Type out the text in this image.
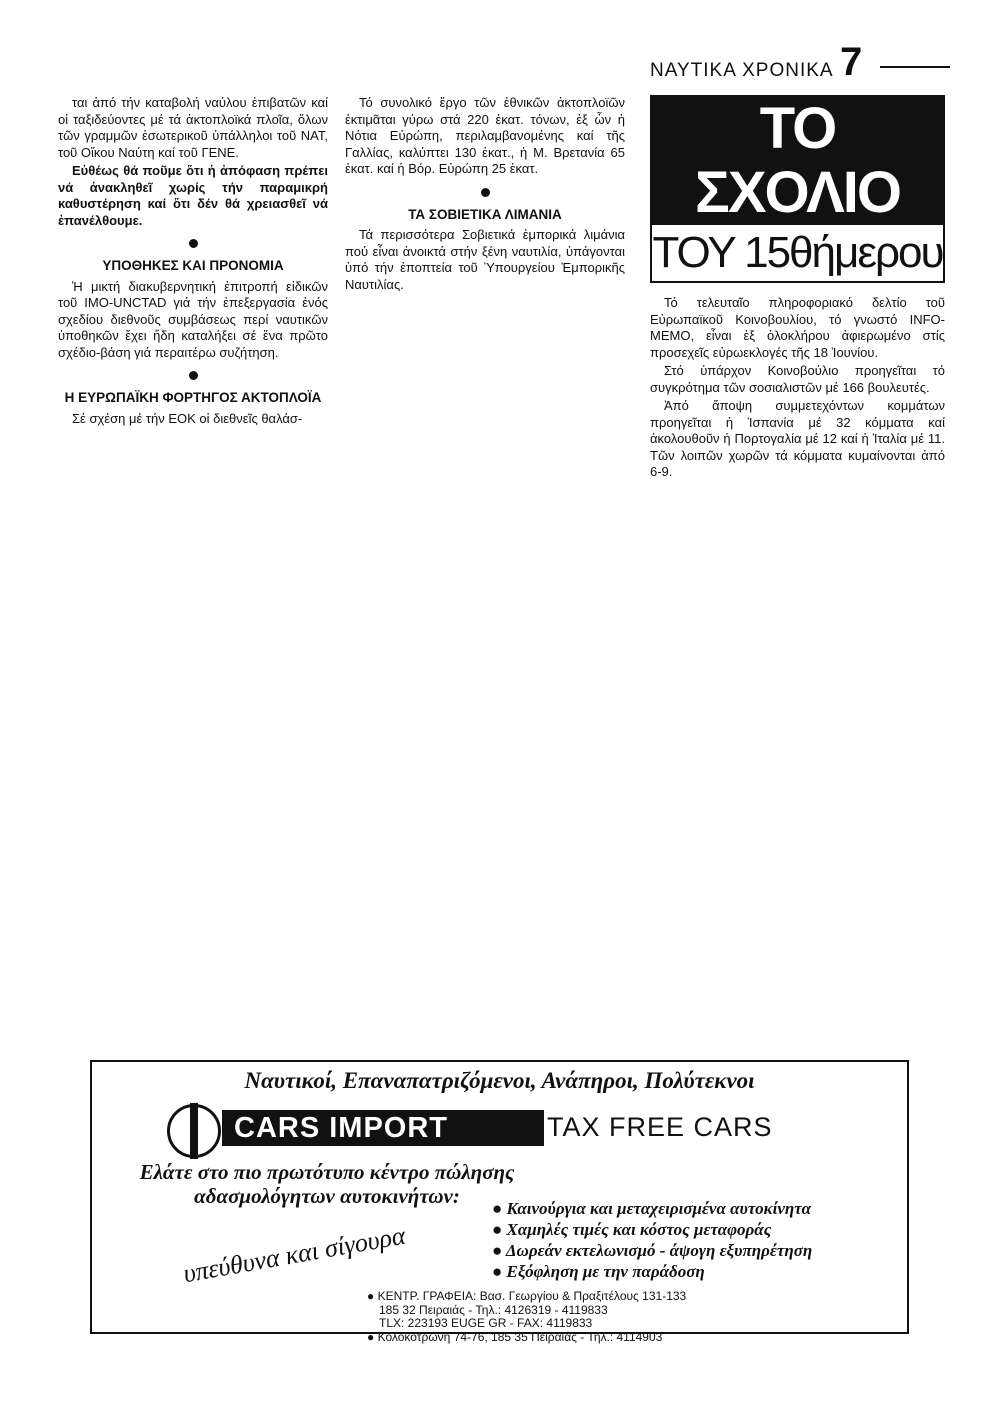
ΝΑΥΤΙΚΑ ΧΡΟΝΙΚΑ 7

ται ἀπό τήν καταβολή ναύλου ἐπιβατῶν καί οἱ ταξιδεύοντες μέ τά ἀκτοπλοϊκά πλοῖα, ὅλων τῶν γραμμῶν ἐσωτερικοῦ ὑπάλληλοι τοῦ ΝΑΤ, τοῦ Οἴκου Ναύτη καί τοῦ ΓΕΝΕ.

Εὐθέως θά ποῦμε ὅτι ἡ ἀπόφαση πρέπει νά ἀνακληθεῖ χωρίς τήν παραμικρή καθυστέρηση καί ὅτι δέν θά χρειασθεῖ νά ἐπανέλθουμε.

ΥΠΟΘΗΚΕΣ ΚΑΙ ΠΡΟΝΟΜΙΑ

Ἡ μικτή διακυβερνητική ἐπιτροπή εἰδικῶν τοῦ IMO-UNCTAD γιά τήν ἐπεξεργασία ἑνός σχεδίου διεθνοῦς συμβάσεως περί ναυτικῶν ὑποθηκῶν ἔχει ἤδη καταλήξει σέ ἕνα πρῶτο σχέδιο-βάση γιά περαιτέρω συζήτηση.

Η ΕΥΡΩΠΑΪΚΗ ΦΟΡΤΗΓΟΣ ΑΚΤΟΠΛΟΪΑ

Σέ σχέση μέ τήν ΕΟΚ οἱ διεθνεῖς θαλάσ-

Τό συνολικό ἔργο τῶν ἐθνικῶν ἀκτοπλοϊῶν ἐκτιμᾶται γύρω στά 220 ἑκατ. τόνων, ἐξ ὧν ἡ Νότια Εὐρώπη, περιλαμβανομένης καί τῆς Γαλλίας, καλύπτει 130 ἑκατ., ἡ Μ. Βρετανία 65 ἑκατ. καί ἡ Βόρ. Εὐρώπη 25 ἑκατ.

ΤΑ ΣΟΒΙΕΤΙΚΑ ΛΙΜΑΝΙΑ

Τά περισσότερα Σοβιετικά ἐμπορικά λιμάνια πού εἶναι ἀνοικτά στήν ξένη ναυτιλία, ὑπάγονται ὑπό τήν ἐποπτεία τοῦ Ὑπουργείου Ἐμπορικῆς Ναυτιλίας.

ΤΟ ΣΧΟΛΙΟ
ΤΟΥ 15θήμερου

Τό τελευταῖο πληροφοριακό δελτίο τοῦ Εὐρωπαϊκοῦ Κοινοβουλίου, τό γνωστό INFO-MEMO, εἶναι ἐξ ὁλοκλήρου ἀφιερωμένο στίς προσεχεῖς εὐρωεκλογές τῆς 18 Ἰουνίου.

Στό ὑπάρχον Κοινοβούλιο προηγεῖται τό συγκρότημα τῶν σοσιαλιστῶν μέ 166 βουλευτές.

Ἀπό ἄποψη συμμετεχόντων κομμάτων προηγεῖται ἡ Ἱσπανία μέ 32 κόμματα καί ἀκολουθοῦν ἡ Πορτογαλία μέ 12 καί ἡ Ἰταλία μέ 11. Τῶν λοιπῶν χωρῶν τά κόμματα κυμαίνονται ἀπό 6-9.

Ναυτικοί, Επαναπατριζόμενοι, Ανάπηροι, Πολύτεκνοι
CARS IMPORT	TAX FREE CARS
Ελάτε στο πιο πρωτότυπο κέντρο πώλησης αδασμολόγητων αυτοκινήτων:
● Καινούργια και μεταχειρισμένα αυτοκίνητα
● Χαμηλές τιμές και κόστος μεταφοράς
● Δωρεάν εκτελωνισμό - άψογη εξυπηρέτηση
● Εξόφληση με την παράδοση
υπεύθυνα και σίγουρα
● ΚΕΝΤΡ. ΓΡΑΦΕΙΑ: Βασ. Γεωργίου & Πραξιτέλους 131-133
185 32 Πειραιάς - Τηλ.: 4126319 - 4119833
TLX: 223193 EUGE GR - FAX: 4119833
● Κολοκοτρώνη 74-76, 185 35 Πειραιάς - Τηλ.: 4114903
